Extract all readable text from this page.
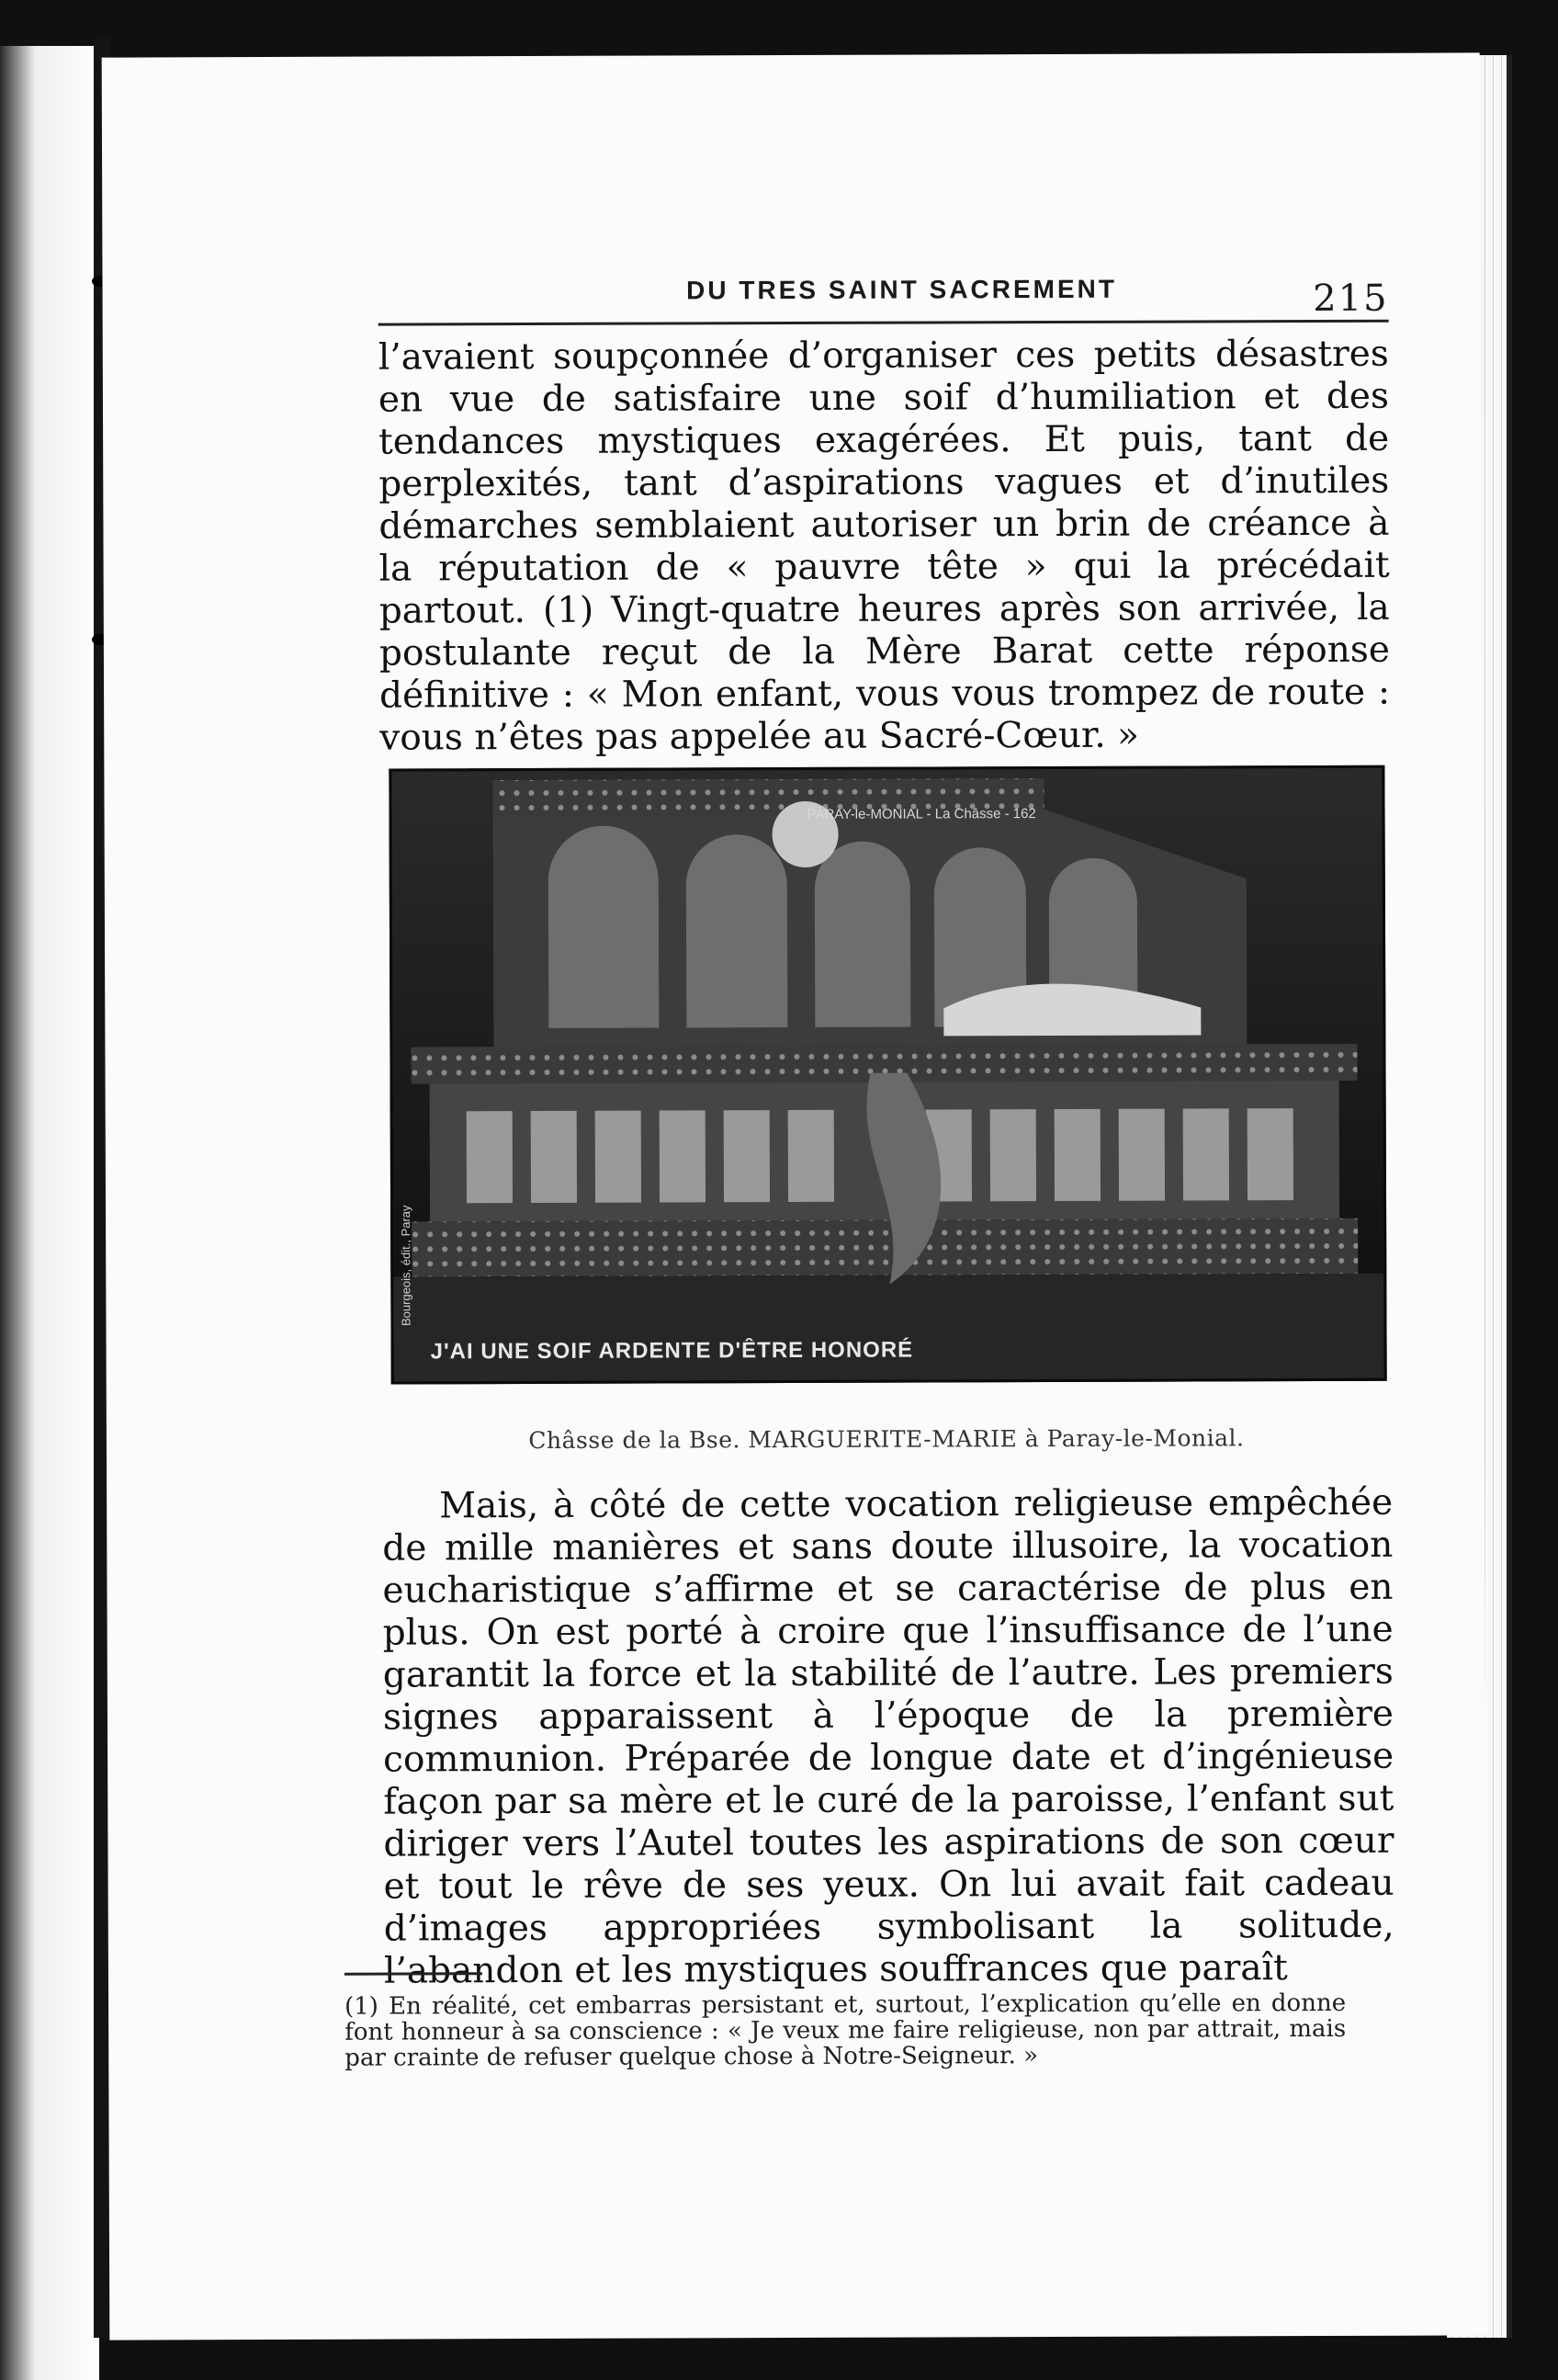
DU TRES SAINT SACREMENT	215

l’avaient soupçonnée d’organiser ces petits désastres en vue de satisfaire une soif d’humiliation et des tendances mystiques exagérées. Et puis, tant de perplexités, tant d’aspirations vagues et d’inutiles démarches semblaient autoriser un brin de créance à la réputation de « pauvre tête » qui la précédait partout. (1) Vingt-quatre heures après son arrivée, la postulante reçut de la Mère Barat cette réponse définitive : « Mon enfant, vous vous trompez de route : vous n’êtes pas appelée au Sacré-Cœur. »

PARAY-le-MONIAL - La Châsse - 162
Bourgeois, édit., Paray
J'AI UNE SOIF ARDENTE D'ÊTRE HONORÉ
Châsse de la Bse. MARGUERITE-MARIE à Paray-le-Monial.

Mais, à côté de cette vocation religieuse empêchée de mille manières et sans doute illusoire, la vocation eucharistique s’affirme et se caractérise de plus en plus. On est porté à croire que l’insuffisance de l’une garantit la force et la stabilité de l’autre. Les premiers signes apparaissent à l’époque de la première communion. Préparée de longue date et d’ingénieuse façon par sa mère et le curé de la paroisse, l’enfant sut diriger vers l’Autel toutes les aspirations de son cœur et tout le rêve de ses yeux. On lui avait fait cadeau d’images appropriées symbolisant la solitude, l’abandon et les mystiques souffrances que paraît

(1) En réalité, cet embarras persistant et, surtout, l’explication qu’elle en donne font honneur à sa conscience : « Je veux me faire religieuse, non par attrait, mais par crainte de refuser quelque chose à Notre-Seigneur. »
